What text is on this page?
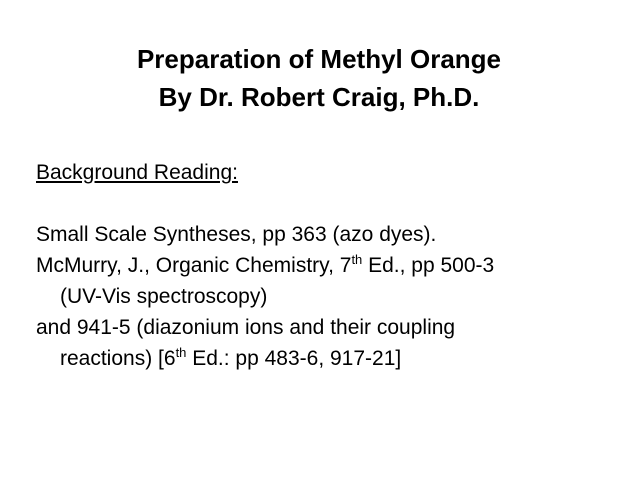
Preparation of Methyl Orange
By Dr. Robert Craig, Ph.D.
Background Reading:
Small Scale Syntheses, pp 363 (azo dyes).
McMurry, J., Organic Chemistry, 7th Ed., pp 500-3
(UV-Vis spectroscopy)
and 941-5 (diazonium ions and their coupling
reactions) [6th Ed.: pp 483-6, 917-21]
